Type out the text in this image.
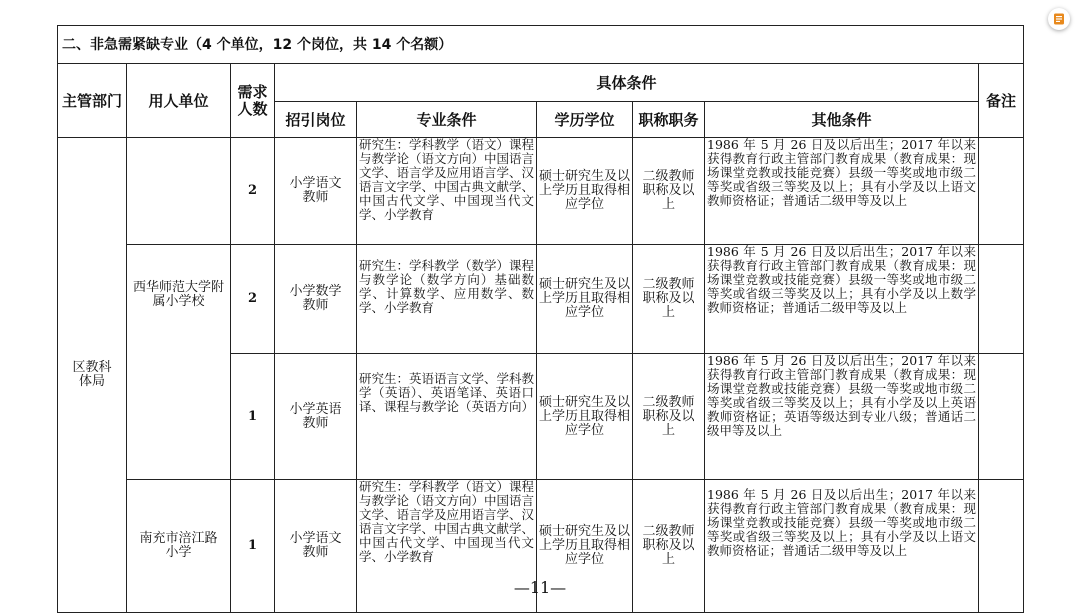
二、非急需紧缺专业（4 个单位，12 个岗位，共 14 个名额）								
主管部门	用人单位	需求人数	具体条件					备注
			招引岗位	专业条件	学历学位	职称职务	其他条件	
区教科体局		2	小学语文教师	研究生：学科教学（语文）课程与教学论（语文方向）中国语言文学、语言学及应用语言学、汉语言文字学、中国古典文献学、中国古代文学、中国现当代文学、小学教育	硕士研究生及以上学历且取得相应学位	二级教师职称及以上	1986 年 5 月 26 日及以后出生；2017 年以来获得教育行政主管部门教育成果（教育成果：现场课堂竞教或技能竞赛）县级一等奖或地市级二等奖或省级三等奖及以上；具有小学及以上语文教师资格证；普通话二级甲等及以上	
	西华师范大学附属小学校	2	小学数学教师	研究生：学科教学（数学）课程与教学论（数学方向）基础数学、计算数学、应用数学、数学、小学教育	硕士研究生及以上学历且取得相应学位	二级教师职称及以上	1986 年 5 月 26 日及以后出生；2017 年以来获得教育行政主管部门教育成果（教育成果：现场课堂竞教或技能竞赛）县级一等奖或地市级二等奖或省级三等奖及以上；具有小学及以上数学教师资格证；普通话二级甲等及以上	
		1	小学英语教师	研究生：英语语言文学、学科教学（英语）、英语笔译、英语口译、课程与教学论（英语方向）	硕士研究生及以上学历且取得相应学位	二级教师职称及以上	1986 年 5 月 26 日及以后出生；2017 年以来获得教育行政主管部门教育成果（教育成果：现场课堂竞教或技能竞赛）县级一等奖或地市级二等奖或省级三等奖及以上；具有小学及以上英语教师资格证；英语等级达到专业八级；普通话二级甲等及以上	
	南充市涪江路小学	1	小学语文教师	研究生：学科教学（语文）课程与教学论（语文方向）中国语言文学、语言学及应用语言学、汉语言文字学、中国古典文献学、中国古代文学、中国现当代文学、小学教育	硕士研究生及以上学历且取得相应学位	二级教师职称及以上	1986 年 5 月 26 日及以后出生；2017 年以来获得教育行政主管部门教育成果（教育成果：现场课堂竞教或技能竞赛）县级一等奖或地市级二等奖或省级三等奖及以上；具有小学及以上语文教师资格证；普通话二级甲等及以上	
—11—
